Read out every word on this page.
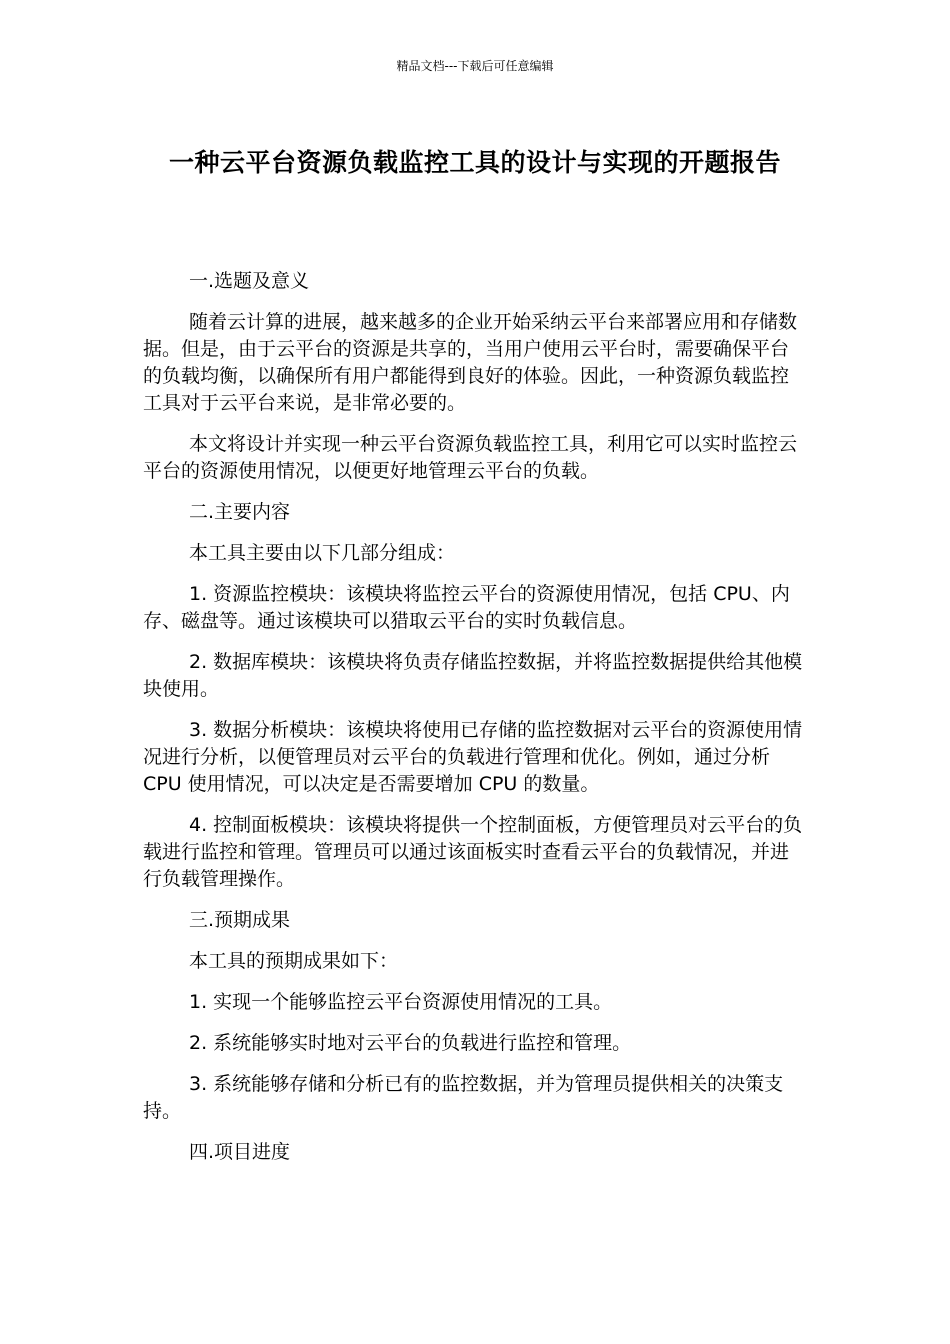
精品文档---下载后可任意编辑
一种云平台资源负载监控工具的设计与实现的开题报告

一.选题及意义

随着云计算的进展，越来越多的企业开始采纳云平台来部署应用和存储数据。但是，由于云平台的资源是共享的，当用户使用云平台时，需要确保平台的负载均衡，以确保所有用户都能得到良好的体验。因此，一种资源负载监控工具对于云平台来说，是非常必要的。

本文将设计并实现一种云平台资源负载监控工具，利用它可以实时监控云平台的资源使用情况，以便更好地管理云平台的负载。

二.主要内容

本工具主要由以下几部分组成：

1. 资源监控模块：该模块将监控云平台的资源使用情况，包括 CPU、内存、磁盘等。通过该模块可以猎取云平台的实时负载信息。

2. 数据库模块：该模块将负责存储监控数据，并将监控数据提供给其他模块使用。

3. 数据分析模块：该模块将使用已存储的监控数据对云平台的资源使用情况进行分析，以便管理员对云平台的负载进行管理和优化。例如，通过分析 CPU 使用情况，可以决定是否需要增加 CPU 的数量。

4. 控制面板模块：该模块将提供一个控制面板，方便管理员对云平台的负载进行监控和管理。管理员可以通过该面板实时查看云平台的负载情况，并进行负载管理操作。

三.预期成果

本工具的预期成果如下：

1. 实现一个能够监控云平台资源使用情况的工具。

2. 系统能够实时地对云平台的负载进行监控和管理。

3. 系统能够存储和分析已有的监控数据，并为管理员提供相关的决策支持。

四.项目进度
